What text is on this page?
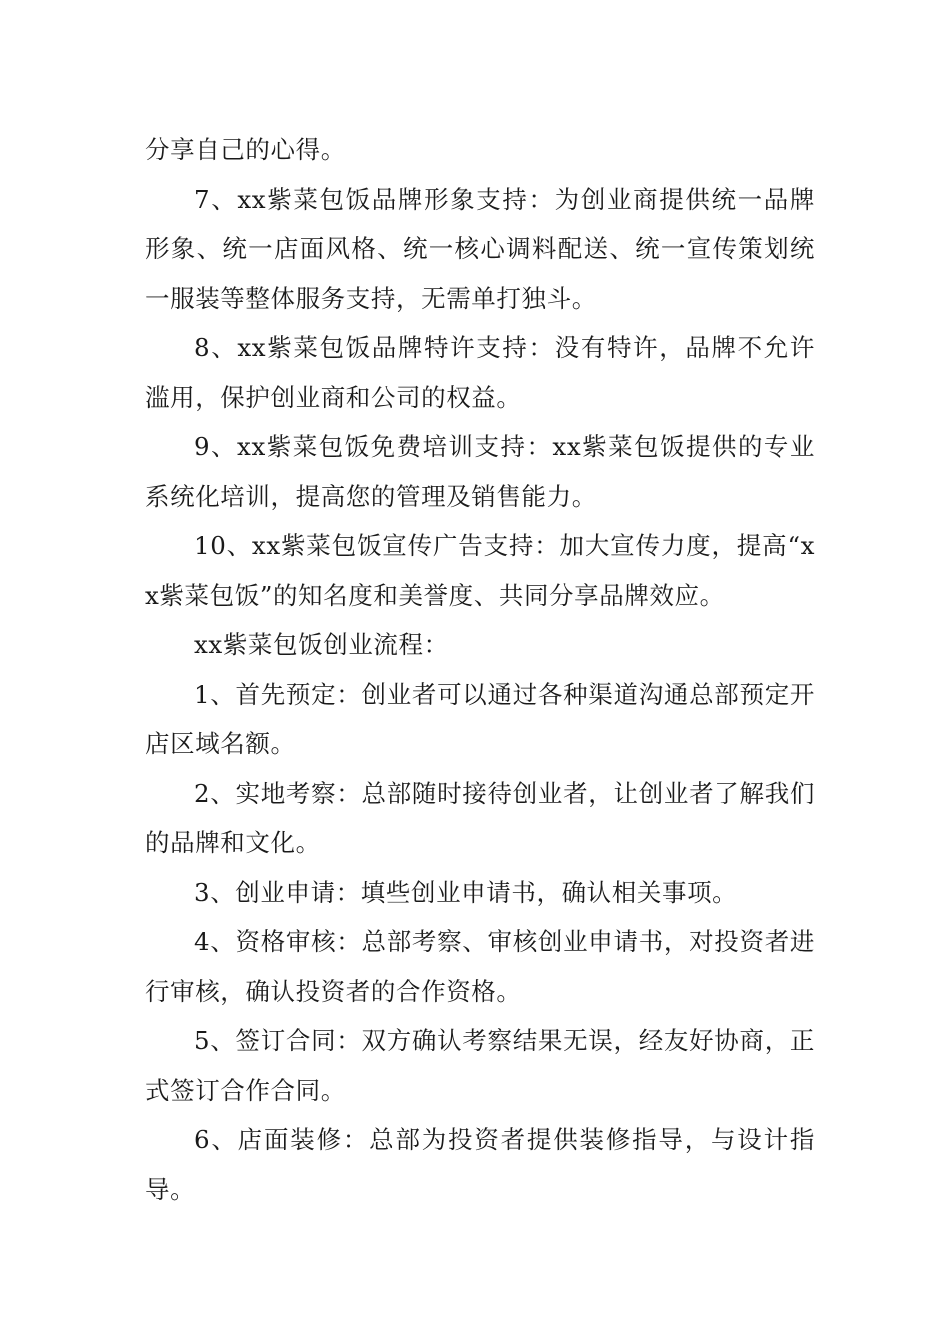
分享自己的心得。

7、xx紫菜包饭品牌形象支持：为创业商提供统一品牌形象、统一店面风格、统一核心调料配送、统一宣传策划统一服装等整体服务支持，无需单打独斗。

8、xx紫菜包饭品牌特许支持：没有特许，品牌不允许滥用，保护创业商和公司的权益。

9、xx紫菜包饭免费培训支持：xx紫菜包饭提供的专业系统化培训，提高您的管理及销售能力。

10、xx紫菜包饭宣传广告支持：加大宣传力度，提高“xx紫菜包饭”的知名度和美誉度、共同分享品牌效应。

xx紫菜包饭创业流程：

1、首先预定：创业者可以通过各种渠道沟通总部预定开店区域名额。

2、实地考察：总部随时接待创业者，让创业者了解我们的品牌和文化。

3、创业申请：填些创业申请书，确认相关事项。

4、资格审核：总部考察、审核创业申请书，对投资者进行审核，确认投资者的合作资格。

5、签订合同：双方确认考察结果无误，经友好协商，正式签订合作合同。

6、店面装修：总部为投资者提供装修指导，与设计指导。
